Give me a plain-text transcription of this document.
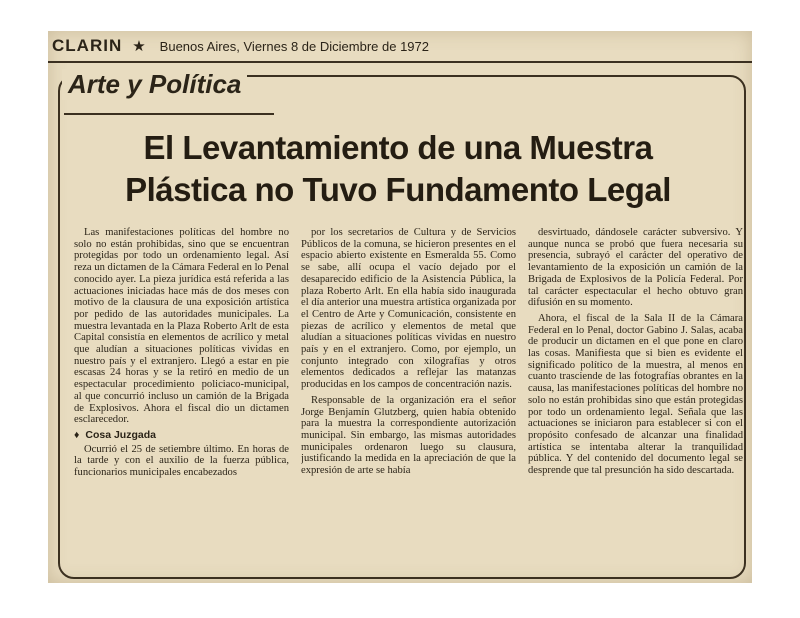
CLARIN ★ Buenos Aires, Viernes 8 de Diciembre de 1972
Arte y Política
El Levantamiento de una Muestra
Plástica no Tuvo Fundamento Legal

Las manifestaciones políticas del hombre no solo no están prohibidas, sino que se encuentran protegidas por todo un ordenamiento legal. Así reza un dictamen de la Cámara Federal en lo Penal conocido ayer. La pieza jurídica está referida a las actuaciones iniciadas hace más de dos meses con motivo de la clausura de una exposición artística por pedido de las autoridades municipales. La muestra levantada en la Plaza Roberto Arlt de esta Capital consistía en elementos de acrílico y metal que aludían a situaciones políticas vividas en nuestro país y el extranjero. Llegó a estar en pie escasas 24 horas y se la retiró en medio de un espectacular procedimiento policiaco-municipal, al que concurrió incluso un camión de la Brigada de Explosivos. Ahora el fiscal dio un dictamen esclarecedor.

♦ Cosa Juzgada

Ocurrió el 25 de setiembre último. En horas de la tarde y con el auxilio de la fuerza pública, funcionarios municipales encabezados

por los secretarios de Cultura y de Servicios Públicos de la comuna, se hicieron presentes en el espacio abierto existente en Esmeralda 55. Como se sabe, allí ocupa el vacío dejado por el desaparecido edificio de la Asistencia Pública, la plaza Roberto Arlt. En ella había sido inaugurada el día anterior una muestra artística organizada por el Centro de Arte y Comunicación, consistente en piezas de acrílico y elementos de metal que aludían a situaciones políticas vividas en nuestro país y en el extranjero. Como, por ejemplo, un conjunto integrado con xilografías y otros elementos dedicados a reflejar las matanzas producidas en los campos de concentración nazis.

Responsable de la organización era el señor Jorge Benjamín Glutzberg, quien había obtenido para la muestra la correspondiente autorización municipal. Sin embargo, las mismas autoridades municipales ordenaron luego su clausura, justificando la medida en la apreciación de que la expresión de arte se había

desvirtuado, dándosele carácter subversivo. Y aunque nunca se probó que fuera necesaria su presencia, subrayó el carácter del operativo de levantamiento de la exposición un camión de la Brigada de Explosivos de la Policía Federal. Por tal carácter espectacular el hecho obtuvo gran difusión en su momento.

Ahora, el fiscal de la Sala II de la Cámara Federal en lo Penal, doctor Gabino J. Salas, acaba de producir un dictamen en el que pone en claro las cosas. Manifiesta que si bien es evidente el significado político de la muestra, al menos en cuanto trasciende de las fotografías obrantes en la causa, las manifestaciones políticas del hombre no solo no están prohibidas sino que están protegidas por todo un ordenamiento legal. Señala que las actuaciones se iniciaron para establecer si con el propósito confesado de alcanzar una finalidad artística se intentaba alterar la tranquilidad pública. Y del contenido del documento legal se desprende que tal presunción ha sido descartada.
